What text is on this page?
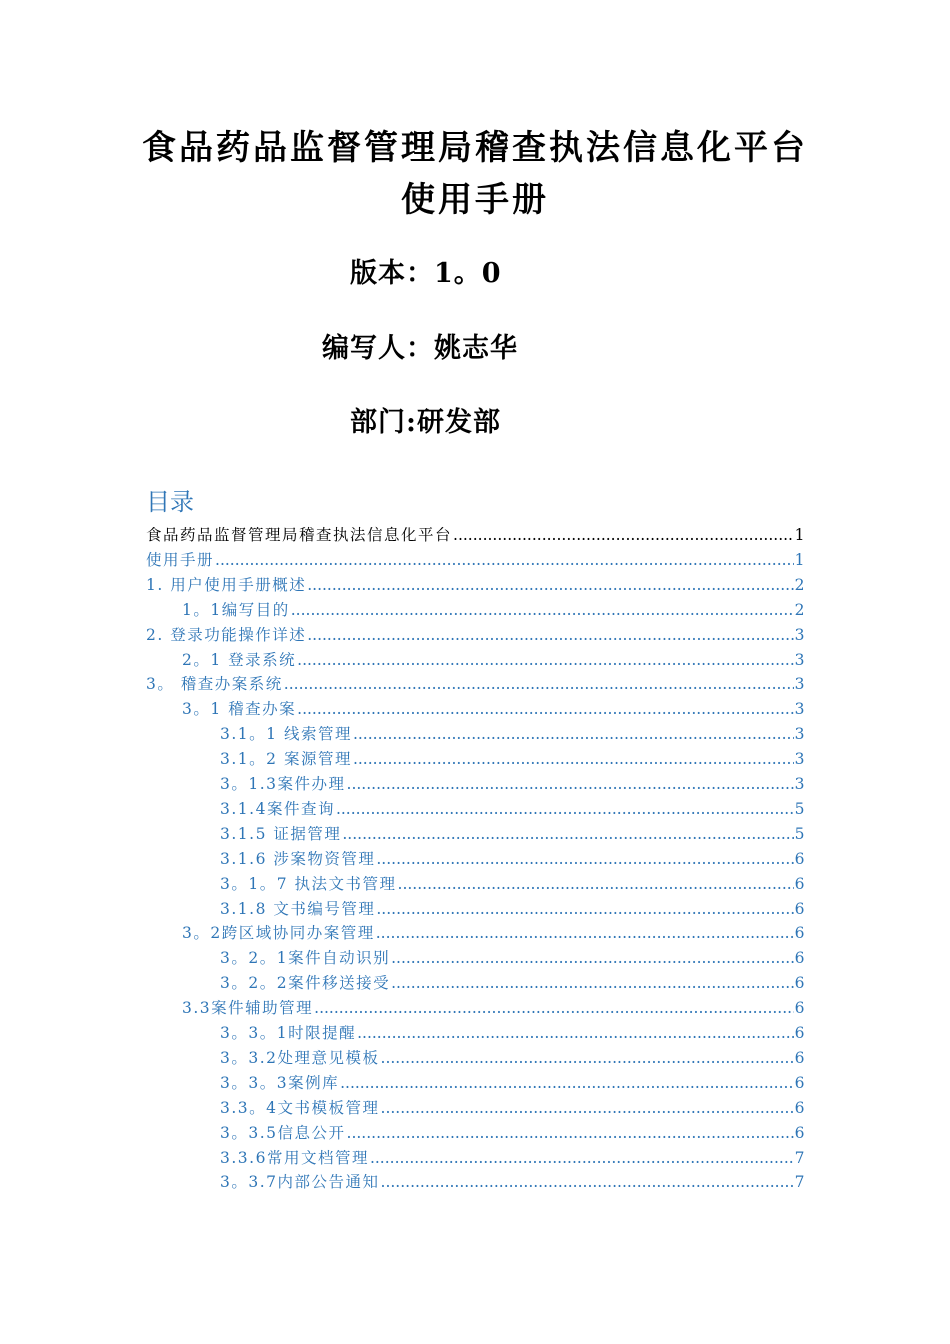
食品药品监督管理局稽查执法信息化平台
使用手册
版本：1。0
编写人：姚志华
部门:研发部
目录
食品药品监督管理局稽查执法信息化平台 .....	1
使用手册 .....	1
1. 用户使用手册概述 .....	2
1。1编写目的 .....	2
2. 登录功能操作详述 .....	3
2。1 登录系统 .....	3
3。 稽查办案系统 .....	3
3。1 稽查办案 .....	3
3.1。1 线索管理 .....	3
3.1。2 案源管理 .....	3
3。1.3案件办理 .....	3
3.1.4案件查询 .....	5
3.1.5 证据管理 .....	5
3.1.6 涉案物资管理 .....	6
3。1。7 执法文书管理 .....	6
3.1.8 文书编号管理 .....	6
3。2跨区域协同办案管理 .....	6
3。2。1案件自动识别 .....	6
3。2。2案件移送接受 .....	6
3.3案件辅助管理 .....	6
3。3。1时限提醒 .....	6
3。3.2处理意见模板 .....	6
3。3。3案例库 .....	6
3.3。4文书模板管理 .....	6
3。3.5信息公开 .....	6
3.3.6常用文档管理 .....	7
3。3.7内部公告通知 .....	7
